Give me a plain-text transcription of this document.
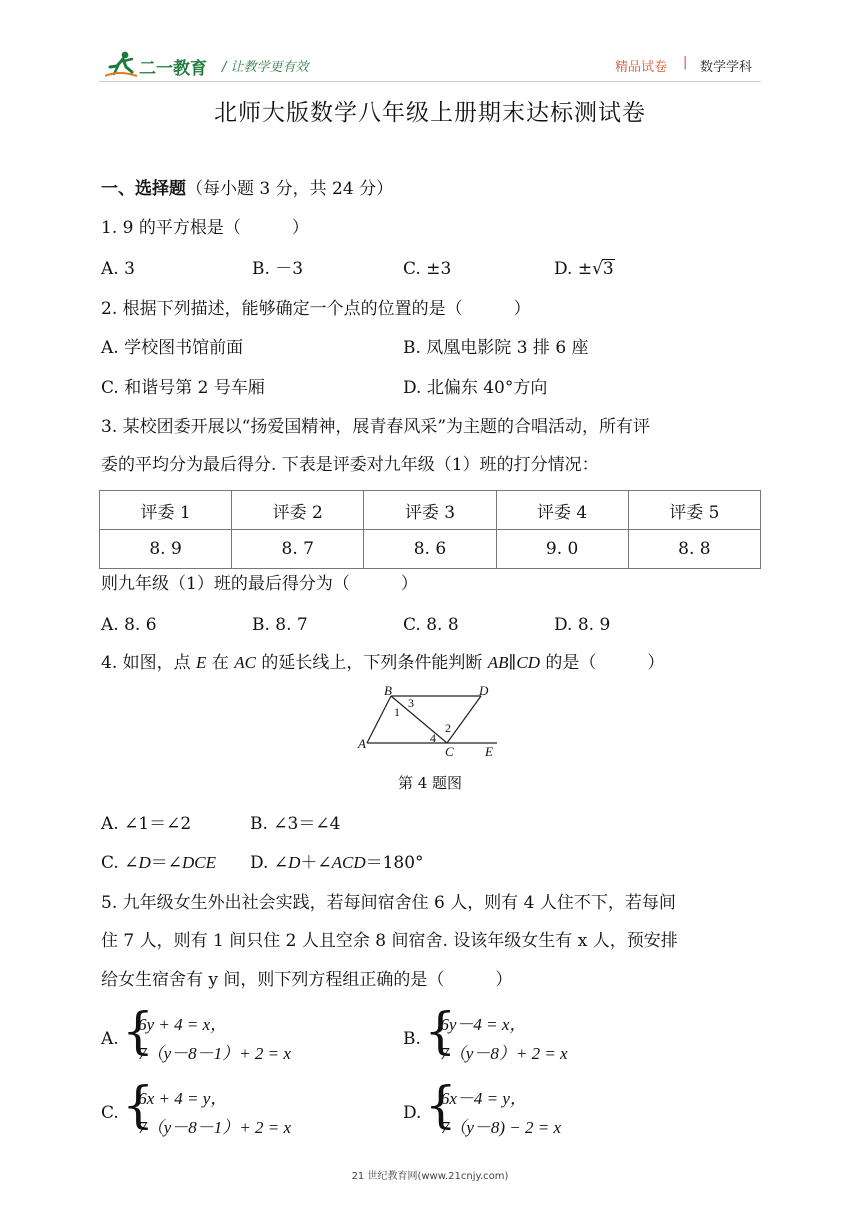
二一教育 / 让教学更有效	精品试卷 | 数学学科
北师大版数学八年级上册期末达标测试卷
一、选择题（每小题 3 分，共 24 分）
1. 9 的平方根是（　　　）
A. 3	B. －3	C. ±3	D. ±√3
2. 根据下列描述，能够确定一个点的位置的是（　　　）
A. 学校图书馆前面	B. 凤凰电影院 3 排 6 座
C. 和谐号第 2 号车厢	D. 北偏东 40°方向
3. 某校团委开展以“扬爱国精神，展青春风采”为主题的合唱活动，所有评
委的平均分为最后得分. 下表是评委对九年级（1）班的打分情况：
评委 1	评委 2	评委 3	评委 4	评委 5
8. 9	8. 7	8. 6	9. 0	8. 8
则九年级（1）班的最后得分为（　　　）
A. 8. 6	B. 8. 7	C. 8. 8	D. 8. 9
4. 如图，点 E 在 AC 的延长线上，下列条件能判断 AB∥CD 的是（　　　）
B	D
A
C E
1
3
2
4
第 4 题图
A. ∠1＝∠2	B. ∠3＝∠4
C. ∠D＝∠DCE D. ∠D＋∠ACD＝180°
5. 九年级女生外出社会实践，若每间宿舍住 6 人，则有 4 人住不下，若每间
住 7 人，则有 1 间只住 2 人且空余 8 间宿舍. 设该年级女生有 x 人，预安排
给女生宿舍有 y 间，则下列方程组正确的是（　　　）
A. {
6y + 4 = x，
7（y－8－1）+ 2 = x
B. {
6y－4 = x，
7（y－8）+ 2 = x
C. {
6x + 4 = y，
7（y－8－1）+ 2 = x
D. {
6x－4 = y，
7（y－8) − 2 = x
21 世纪教育网(www.21cnjy.com)
